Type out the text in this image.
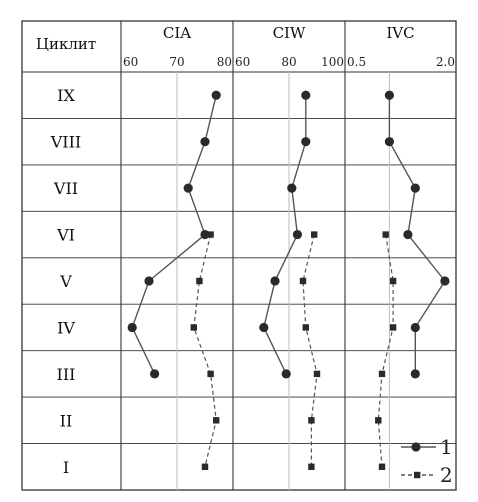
Циклит
IX
VIII
VII
VI
V
IV
III
II
I
CIA
60	70	80
CIW
60	80 100
IVC
0.5	2.0
1
2
